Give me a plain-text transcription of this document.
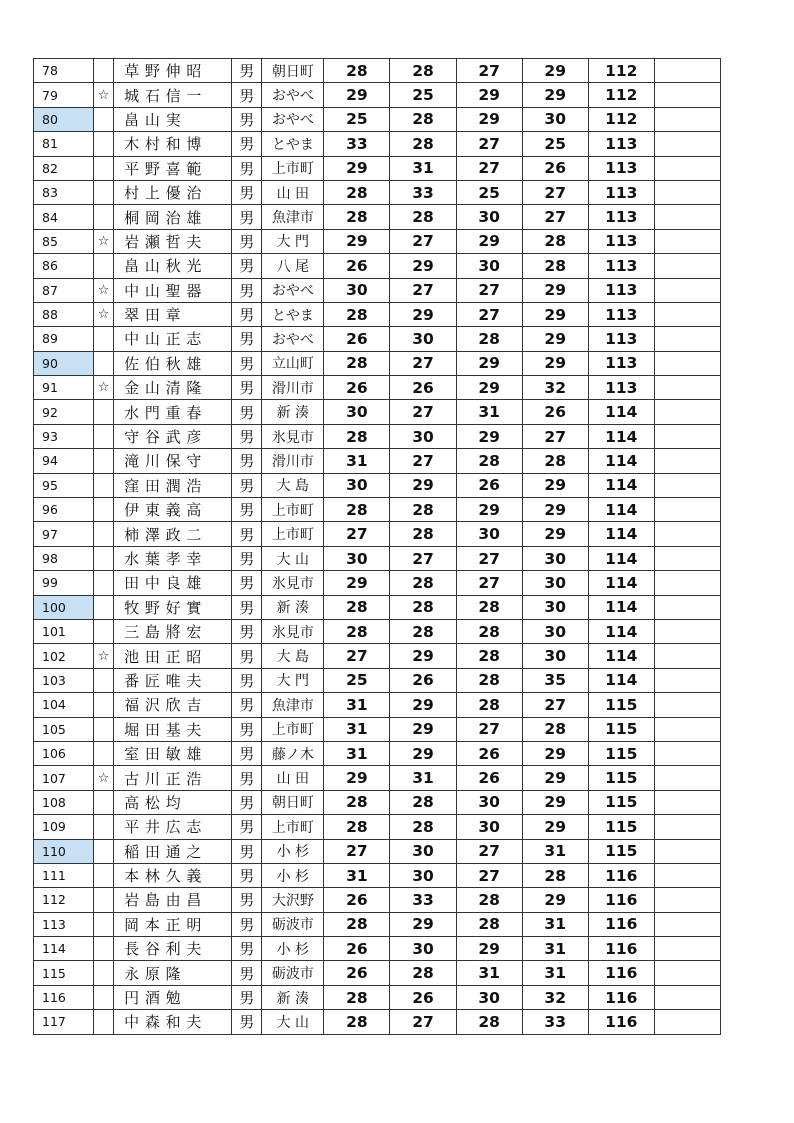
78		草 野 伸 昭	男	朝日町	28	28	27	29	112	
79	☆	城 石 信 一	男	おやべ	29	25	29	29	112	
80		畠 山 実	男	おやべ	25	28	29	30	112	
81		木 村 和 博	男	とやま	33	28	27	25	113	
82		平 野 喜 範	男	上市町	29	31	27	26	113	
83		村 上 優 治	男	山 田	28	33	25	27	113	
84		桐 岡 治 雄	男	魚津市	28	28	30	27	113	
85	☆	岩 瀬 哲 夫	男	大 門	29	27	29	28	113	
86		畠 山 秋 光	男	八 尾	26	29	30	28	113	
87	☆	中 山 聖 器	男	おやべ	30	27	27	29	113	
88	☆	翠 田 章	男	とやま	28	29	27	29	113	
89		中 山 正 志	男	おやべ	26	30	28	29	113	
90		佐 伯 秋 雄	男	立山町	28	27	29	29	113	
91	☆	金 山 清 隆	男	滑川市	26	26	29	32	113	
92		水 門 重 春	男	新 湊	30	27	31	26	114	
93		守 谷 武 彦	男	氷見市	28	30	29	27	114	
94		滝 川 保 守	男	滑川市	31	27	28	28	114	
95		窪 田 潤 浩	男	大 島	30	29	26	29	114	
96		伊 東 義 高	男	上市町	28	28	29	29	114	
97		柿 澤 政 二	男	上市町	27	28	30	29	114	
98		水 葉 孝 幸	男	大 山	30	27	27	30	114	
99		田 中 良 雄	男	氷見市	29	28	27	30	114	
100		牧 野 好 實	男	新 湊	28	28	28	30	114	
101		三 島 將 宏	男	氷見市	28	28	28	30	114	
102	☆	池 田 正 昭	男	大 島	27	29	28	30	114	
103		番 匠 唯 夫	男	大 門	25	26	28	35	114	
104		福 沢 欣 吉	男	魚津市	31	29	28	27	115	
105		堀 田 基 夫	男	上市町	31	29	27	28	115	
106		室 田 敏 雄	男	藤ノ木	31	29	26	29	115	
107	☆	古 川 正 浩	男	山 田	29	31	26	29	115	
108		高 松 均	男	朝日町	28	28	30	29	115	
109		平 井 広 志	男	上市町	28	28	30	29	115	
110		稲 田 通 之	男	小 杉	27	30	27	31	115	
111		本 林 久 義	男	小 杉	31	30	27	28	116	
112		岩 島 由 昌	男	大沢野	26	33	28	29	116	
113		岡 本 正 明	男	砺波市	28	29	28	31	116	
114		長 谷 利 夫	男	小 杉	26	30	29	31	116	
115		永 原 隆	男	砺波市	26	28	31	31	116	
116		円 酒 勉	男	新 湊	28	26	30	32	116	
117		中 森 和 夫	男	大 山	28	27	28	33	116	
